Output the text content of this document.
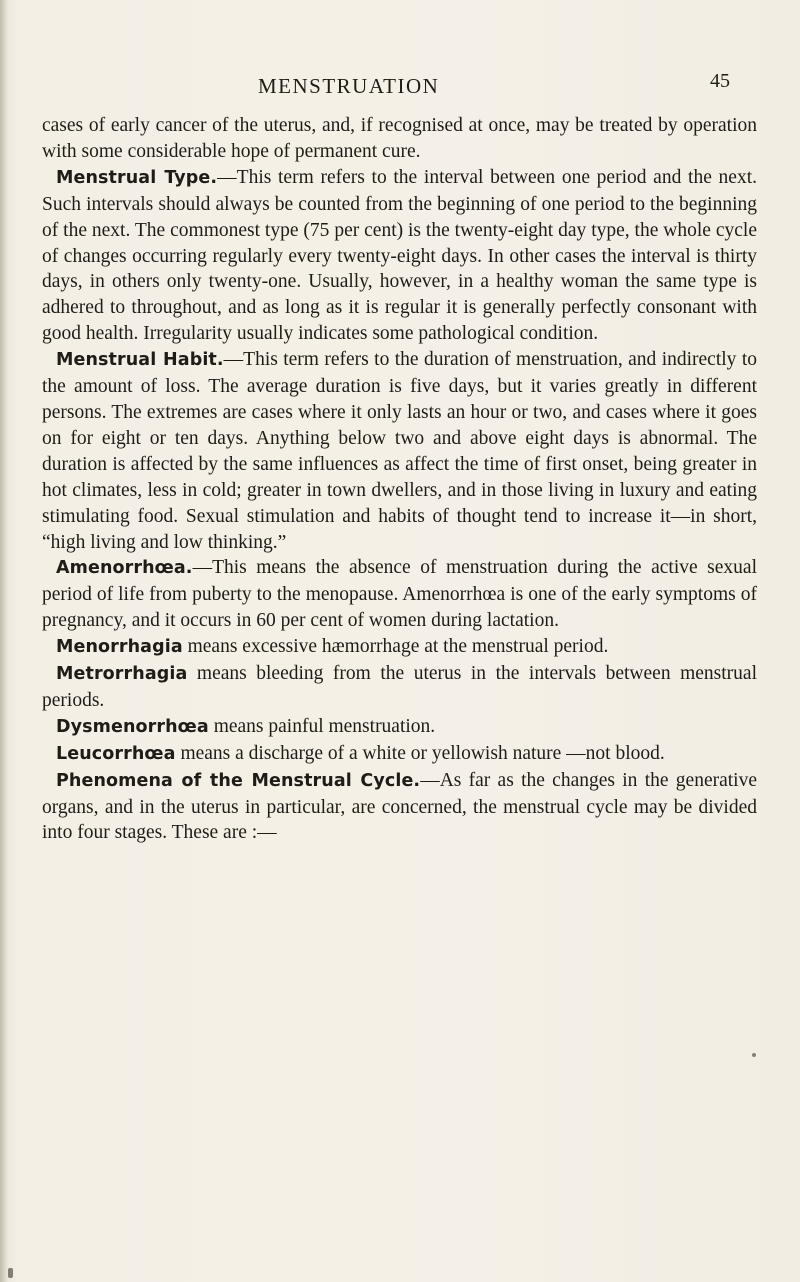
MENSTRUATION	45

cases of early cancer of the uterus, and, if recognised at once, may be treated by operation with some considerable hope of permanent cure.

Menstrual Type.—This term refers to the interval between one period and the next. Such intervals should always be counted from the beginning of one period to the beginning of the next. The commonest type (75 per cent) is the twenty-eight day type, the whole cycle of changes occurring regularly every twenty-eight days. In other cases the interval is thirty days, in others only twenty-one. Usually, however, in a healthy woman the same type is adhered to throughout, and as long as it is regular it is generally perfectly consonant with good health. Irregularity usually indicates some pathological condition.

Menstrual Habit.—This term refers to the duration of menstruation, and indirectly to the amount of loss. The average duration is five days, but it varies greatly in different persons. The extremes are cases where it only lasts an hour or two, and cases where it goes on for eight or ten days. Anything below two and above eight days is abnormal. The duration is affected by the same influences as affect the time of first onset, being greater in hot climates, less in cold; greater in town dwellers, and in those living in luxury and eating stimulating food. Sexual stimulation and habits of thought tend to increase it—in short, “high living and low thinking.”

Amenorrhœa.—This means the absence of menstruation during the active sexual period of life from puberty to the menopause. Amenorrhœa is one of the early symptoms of pregnancy, and it occurs in 60 per cent of women during lactation.

Menorrhagia means excessive hæmorrhage at the menstrual period.

Metrorrhagia means bleeding from the uterus in the intervals between menstrual periods.

Dysmenorrhœa means painful menstruation.

Leucorrhœa means a discharge of a white or yellowish nature —not blood.

Phenomena of the Menstrual Cycle.—As far as the changes in the generative organs, and in the uterus in particular, are concerned, the menstrual cycle may be divided into four stages. These are :—
